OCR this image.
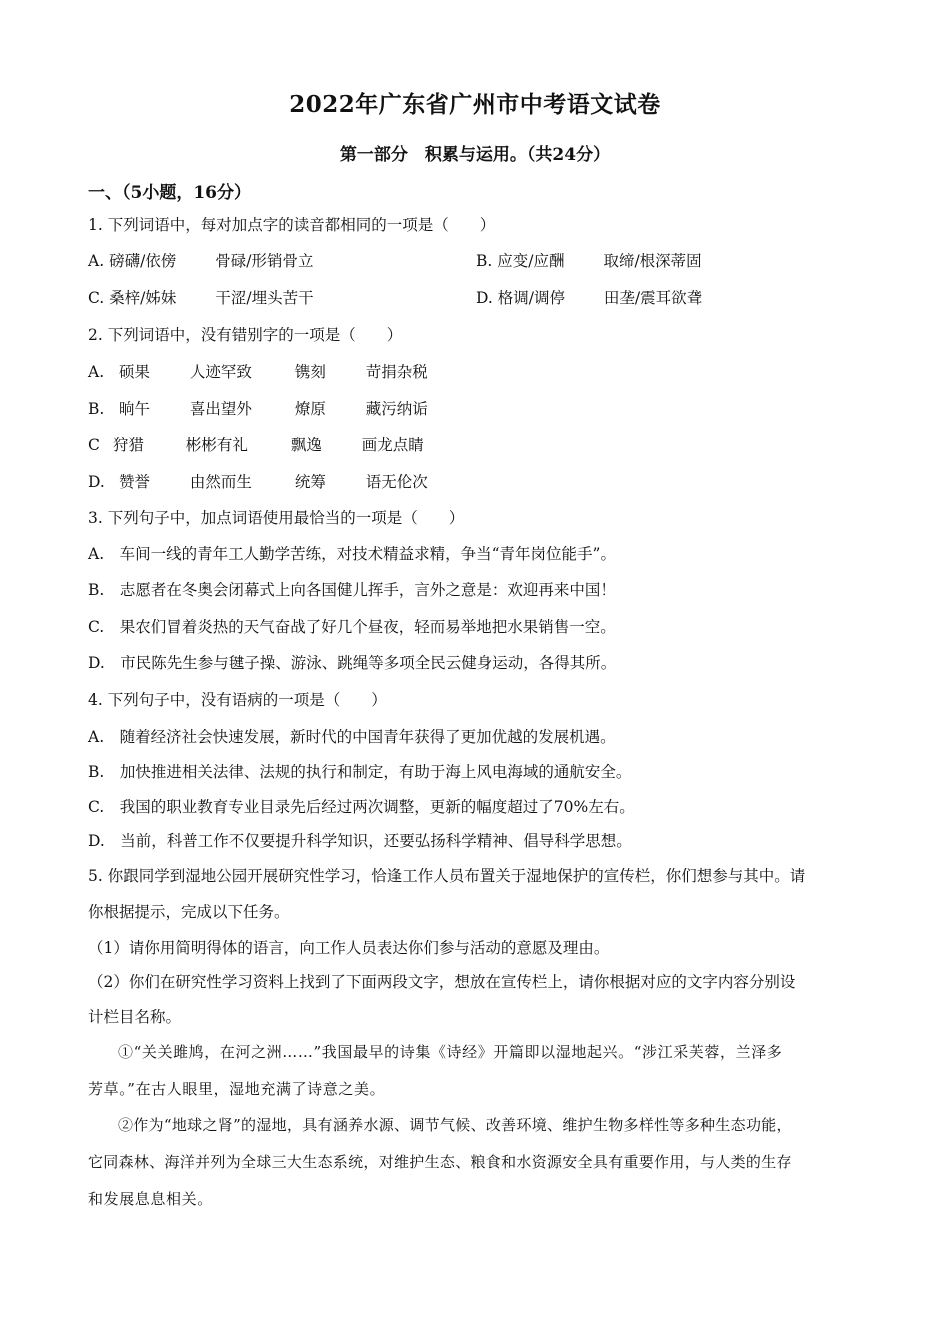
2022年广东省广州市中考语文试卷
第一部分　积累与运用。（共24分）
一、（5小题，16分）
1. 下列词语中，每对加点字的读音都相同的一项是（　　）
A. 磅礴/依傍	骨碌/形销骨立	B. 应变/应酬	取缔/根深蒂固
C. 桑梓/姊妹	干涩/埋头苦干	D. 格调/调停	田垄/震耳欲聋
2. 下列词语中，没有错别字的一项是（　　）
A. 硕果	人迹罕致	镌刻	苛捐杂税
B. 晌午	喜出望外	燎原	藏污纳诟
C 狩猎	彬彬有礼	飘逸	画龙点睛
D. 赞誉	由然而生	统筹	语无伦次
3. 下列句子中，加点词语使用最恰当的一项是（　　）
A.　车间一线的青年工人勤学苦练，对技术精益求精，争当“青年岗位能手”。
B.　志愿者在冬奥会闭幕式上向各国健儿挥手，言外之意是：欢迎再来中国！
C.　果农们冒着炎热的天气奋战了好几个昼夜，轻而易举地把水果销售一空。
D.　市民陈先生参与毽子操、游泳、跳绳等多项全民云健身运动，各得其所。
4. 下列句子中，没有语病的一项是（　　）
A.　随着经济社会快速发展，新时代的中国青年获得了更加优越的发展机遇。
B.　加快推进相关法律、法规的执行和制定，有助于海上风电海域的通航安全。
C.　我国的职业教育专业目录先后经过两次调整，更新的幅度超过了70%左右。
D.　当前，科普工作不仅要提升科学知识，还要弘扬科学精神、倡导科学思想。
5. 你跟同学到湿地公园开展研究性学习，恰逢工作人员布置关于湿地保护的宣传栏，你们想参与其中。请
你根据提示，完成以下任务。
（1）请你用简明得体的语言，向工作人员表达你们参与活动的意愿及理由。
（2）你们在研究性学习资料上找到了下面两段文字，想放在宣传栏上，请你根据对应的文字内容分别设
计栏目名称。
①“关关雎鸠，在河之洲……”我国最早的诗集《诗经》开篇即以湿地起兴。“涉江采芙蓉，兰泽多
芳草。”在古人眼里，湿地充满了诗意之美。
②作为“地球之肾”的湿地，具有涵养水源、调节气候、改善环境、维护生物多样性等多种生态功能，
它同森林、海洋并列为全球三大生态系统，对维护生态、粮食和水资源安全具有重要作用，与人类的生存
和发展息息相关。
